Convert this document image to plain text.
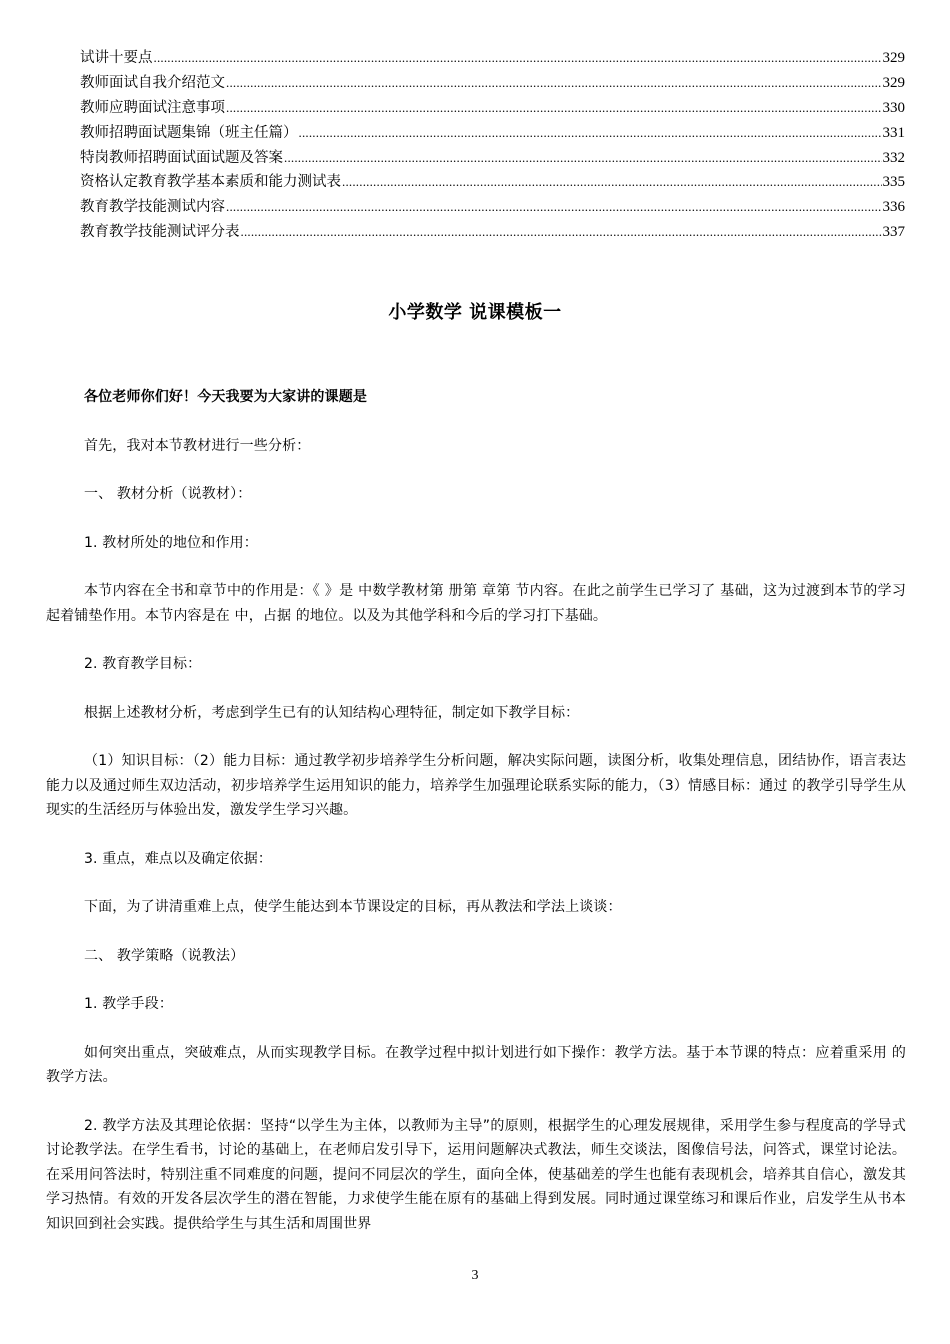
试讲十要点 .....	329
教师面试自我介绍范文 .....	329
教师应聘面试注意事项 .....	330
教师招聘面试题集锦（班主任篇） .....	331
特岗教师招聘面试面试题及答案 .....	332
资格认定教育教学基本素质和能力测试表 .....	335
教育教学技能测试内容 .....	336
教育教学技能测试评分表 .....	337
小学数学 说课模板一

各位老师你们好！今天我要为大家讲的课题是

首先，我对本节教材进行一些分析：

一、 教材分析（说教材）：

1. 教材所处的地位和作用：

本节内容在全书和章节中的作用是：《 》是 中数学教材第 册第 章第 节内容。在此之前学生已学习了 基础，这为过渡到本节的学习起着铺垫作用。本节内容是在 中，占据 的地位。以及为其他学科和今后的学习打下基础。

2. 教育教学目标：

根据上述教材分析，考虑到学生已有的认知结构心理特征，制定如下教学目标：

（1）知识目标：（2）能力目标：通过教学初步培养学生分析问题，解决实际问题，读图分析，收集处理信息，团结协作，语言表达能力以及通过师生双边活动，初步培养学生运用知识的能力，培养学生加强理论联系实际的能力，（3）情感目标：通过 的教学引导学生从现实的生活经历与体验出发，激发学生学习兴趣。

3. 重点，难点以及确定依据：

下面，为了讲清重难上点，使学生能达到本节课设定的目标，再从教法和学法上谈谈：

二、 教学策略（说教法）

1. 教学手段：

如何突出重点，突破难点，从而实现教学目标。在教学过程中拟计划进行如下操作：教学方法。基于本节课的特点：应着重采用 的教学方法。

2. 教学方法及其理论依据：坚持“以学生为主体，以教师为主导”的原则，根据学生的心理发展规律，采用学生参与程度高的学导式讨论教学法。在学生看书，讨论的基础上，在老师启发引导下，运用问题解决式教法，师生交谈法，图像信号法，问答式，课堂讨论法。在采用问答法时，特别注重不同难度的问题，提问不同层次的学生，面向全体，使基础差的学生也能有表现机会，培养其自信心，激发其学习热情。有效的开发各层次学生的潜在智能，力求使学生能在原有的基础上得到发展。同时通过课堂练习和课后作业，启发学生从书本知识回到社会实践。提供给学生与其生活和周围世界

3
